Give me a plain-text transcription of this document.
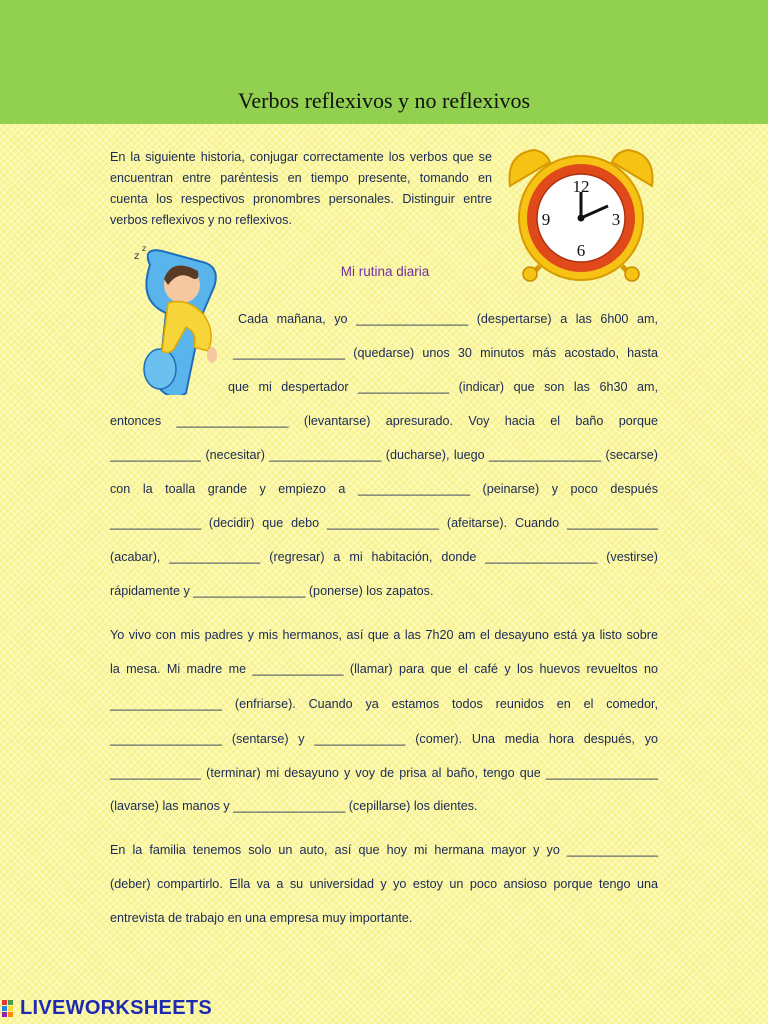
Verbos reflexivos y no reflexivos
En la siguiente historia, conjugar correctamente los verbos que se encuentran entre paréntesis en tiempo presente, tomando en cuenta los respectivos pronombres personales. Distinguir entre verbos reflexivos y no reflexivos.
12
3
6
9
Mi rutina diaria
z
z
Cada mañana, yo ________________ (despertarse) a las 6h00 am,
________________ (quedarse) unos 30 minutos más acostado, hasta
que mi despertador _____________ (indicar) que son las 6h30 am,
entonces ________________ (levantarse) apresurado. Voy hacia el baño porque
_____________ (necesitar) ________________ (ducharse), luego ________________ (secarse)
con la toalla grande y empiezo a ________________ (peinarse) y poco después
_____________ (decidir) que debo ________________ (afeitarse). Cuando _____________
(acabar), _____________ (regresar) a mi habitación, donde ________________ (vestirse)
rápidamente y ________________ (ponerse) los zapatos.
Yo vivo con mis padres y mis hermanos, así que a las 7h20 am el desayuno está ya listo sobre
la mesa. Mi madre me _____________ (llamar) para que el café y los huevos revueltos no
________________ (enfriarse). Cuando ya estamos todos reunidos en el comedor,
________________ (sentarse) y _____________ (comer). Una media hora después, yo
_____________ (terminar) mi desayuno y voy de prisa al baño, tengo que ________________
(lavarse) las manos y ________________ (cepillarse) los dientes.
En la familia tenemos solo un auto, así que hoy mi hermana mayor y yo _____________
(deber) compartirlo. Ella va a su universidad y yo estoy un poco ansioso porque tengo una
entrevista de trabajo en una empresa muy importante.
LIVEWORKSHEETS
